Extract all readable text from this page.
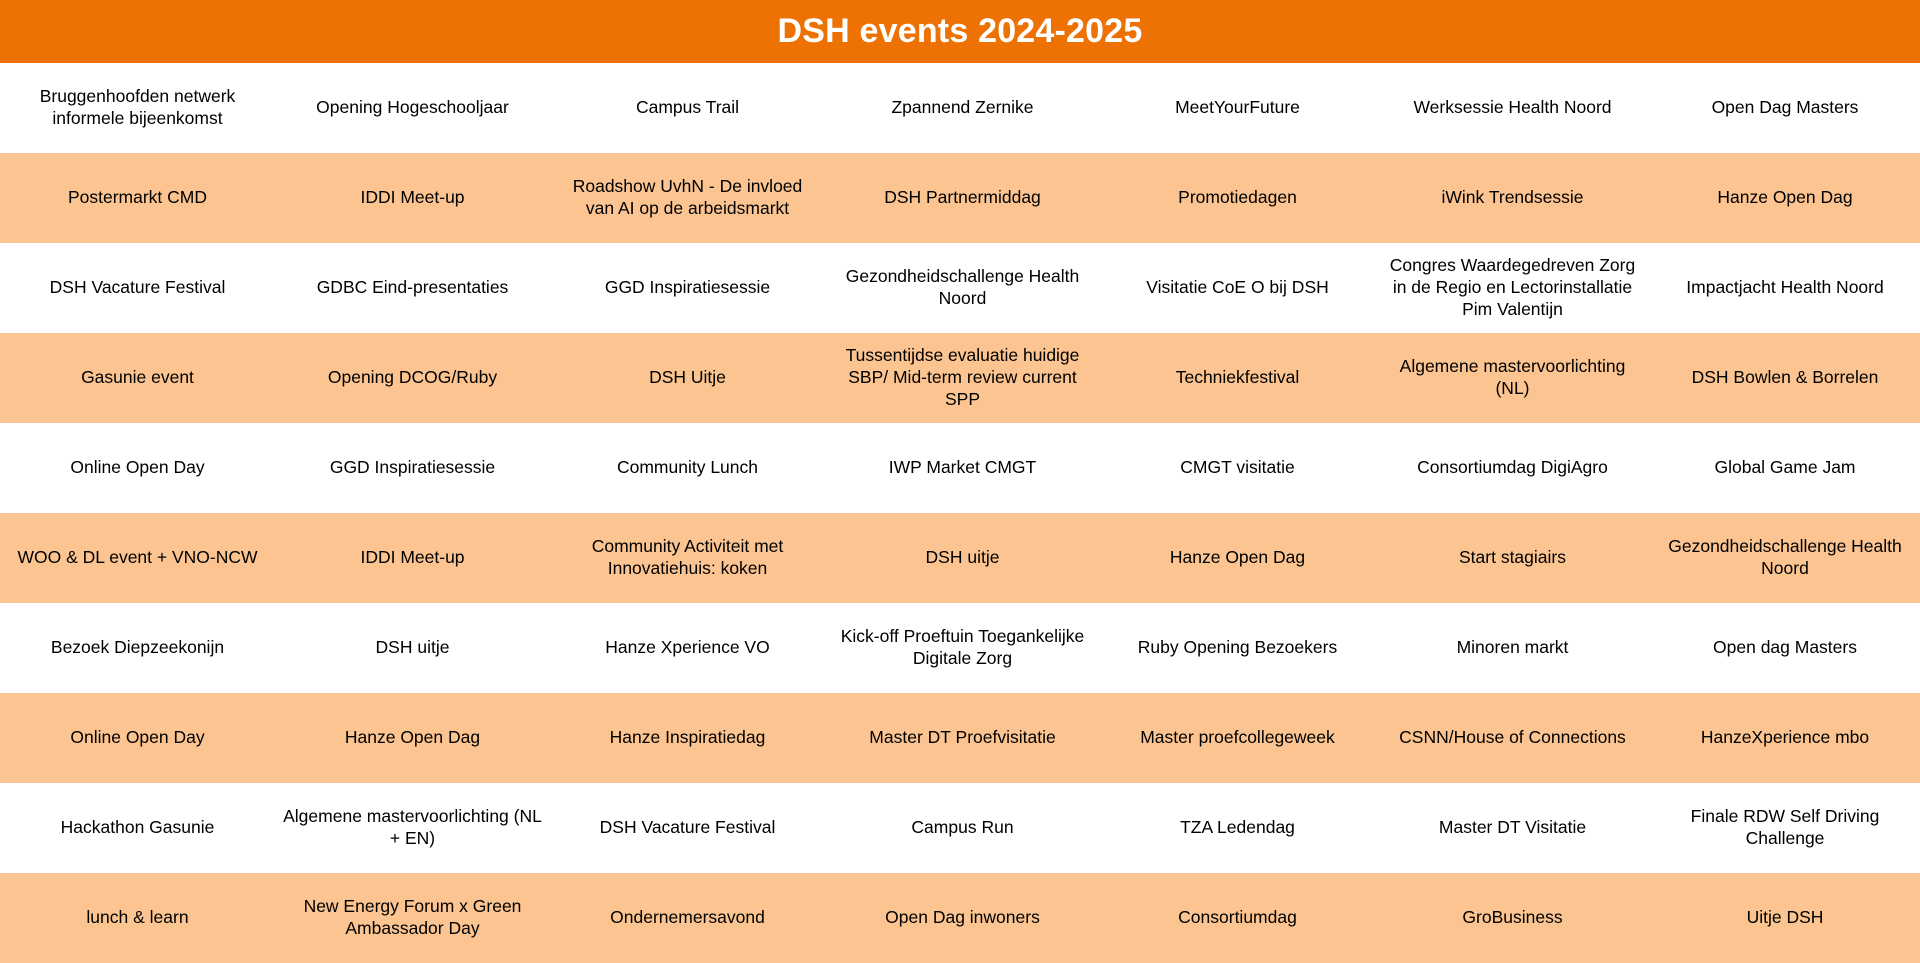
DSH events 2024-2025
Bruggenhoofden netwerk informele bijeenkomst	Opening Hogeschooljaar	Campus Trail	Zpannend Zernike	MeetYourFuture	Werksessie Health Noord	Open Dag Masters
Postermarkt CMD	IDDI Meet-up	Roadshow UvhN - De invloed van AI op de arbeidsmarkt	DSH Partnermiddag	Promotiedagen	iWink Trendsessie	Hanze Open Dag
DSH Vacature Festival	GDBC Eind-presentaties	GGD Inspiratiesessie	Gezondheidschallenge Health Noord	Visitatie CoE O bij DSH	Congres Waardegedreven Zorg in de Regio en Lectorinstallatie Pim Valentijn	Impactjacht Health Noord
Gasunie event	Opening DCOG/Ruby	DSH Uitje	Tussentijdse evaluatie huidige SBP/ Mid-term review current SPP	Techniekfestival	Algemene mastervoorlichting (NL)	DSH Bowlen & Borrelen
Online Open Day	GGD Inspiratiesessie	Community Lunch	IWP Market CMGT	CMGT visitatie	Consortiumdag DigiAgro	Global Game Jam
WOO & DL event + VNO-NCW	IDDI Meet-up	Community Activiteit met Innovatiehuis: koken	DSH uitje	Hanze Open Dag	Start stagiairs	Gezondheidschallenge Health Noord
Bezoek Diepzeekonijn	DSH uitje	Hanze Xperience VO	Kick-off Proeftuin Toegankelijke Digitale Zorg	Ruby Opening Bezoekers	Minoren markt	Open dag Masters
Online Open Day	Hanze Open Dag	Hanze Inspiratiedag	Master DT Proefvisitatie	Master proefcollegeweek	CSNN/House of Connections	HanzeXperience mbo
Hackathon Gasunie	Algemene mastervoorlichting (NL + EN)	DSH Vacature Festival	Campus Run	TZA Ledendag	Master DT Visitatie	Finale RDW Self Driving Challenge
lunch & learn	New Energy Forum x Green Ambassador Day	Ondernemersavond	Open Dag inwoners	Consortiumdag	GroBusiness	Uitje DSH
